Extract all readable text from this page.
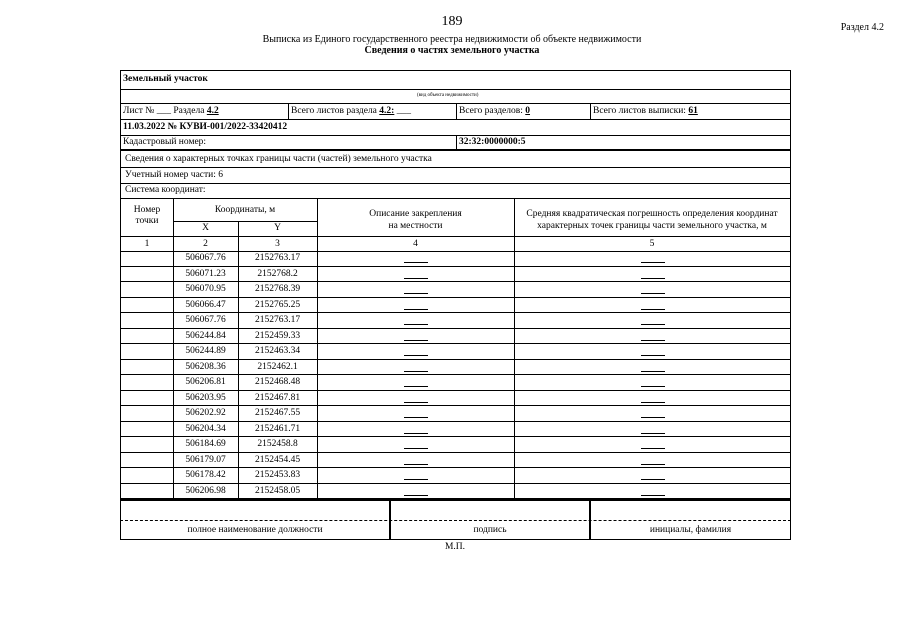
189	Раздел 4.2
Выписка из Единого государственного реестра недвижимости об объекте недвижимости
Сведения о частях земельного участка
Земельный участок
(вид объекта недвижимости)
Лист № ___ Раздела 4.2	Всего листов раздела 4.2: ___	Всего разделов: 0	Всего листов выписки: 61
11.03.2022 № КУВИ-001/2022-33420412
Кадастровый номер:	32:32:0000000:5
Сведения о характерных точках границы части (частей) земельного участка
Учетный номер части: 6
Система координат:
Номер
точки
Координаты, м
X	Y
Описание закрепления
на местности
Средняя квадратическая погрешность определения координат
характерных точек границы части земельного участка, м
1	2	3	4	5
506067.76	2152763.17
506071.23	2152768.2
506070.95	2152768.39
506066.47	2152765.25
506067.76	2152763.17
506244.84	2152459.33
506244.89	2152463.34
506208.36	2152462.1
506206.81	2152468.48
506203.95	2152467.81
506202.92	2152467.55
506204.34	2152461.71
506184.69	2152458.8
506179.07	2152454.45
506178.42	2152453.83
506206.98	2152458.05
полное наименование должности	подпись	инициалы, фамилия
М.П.
